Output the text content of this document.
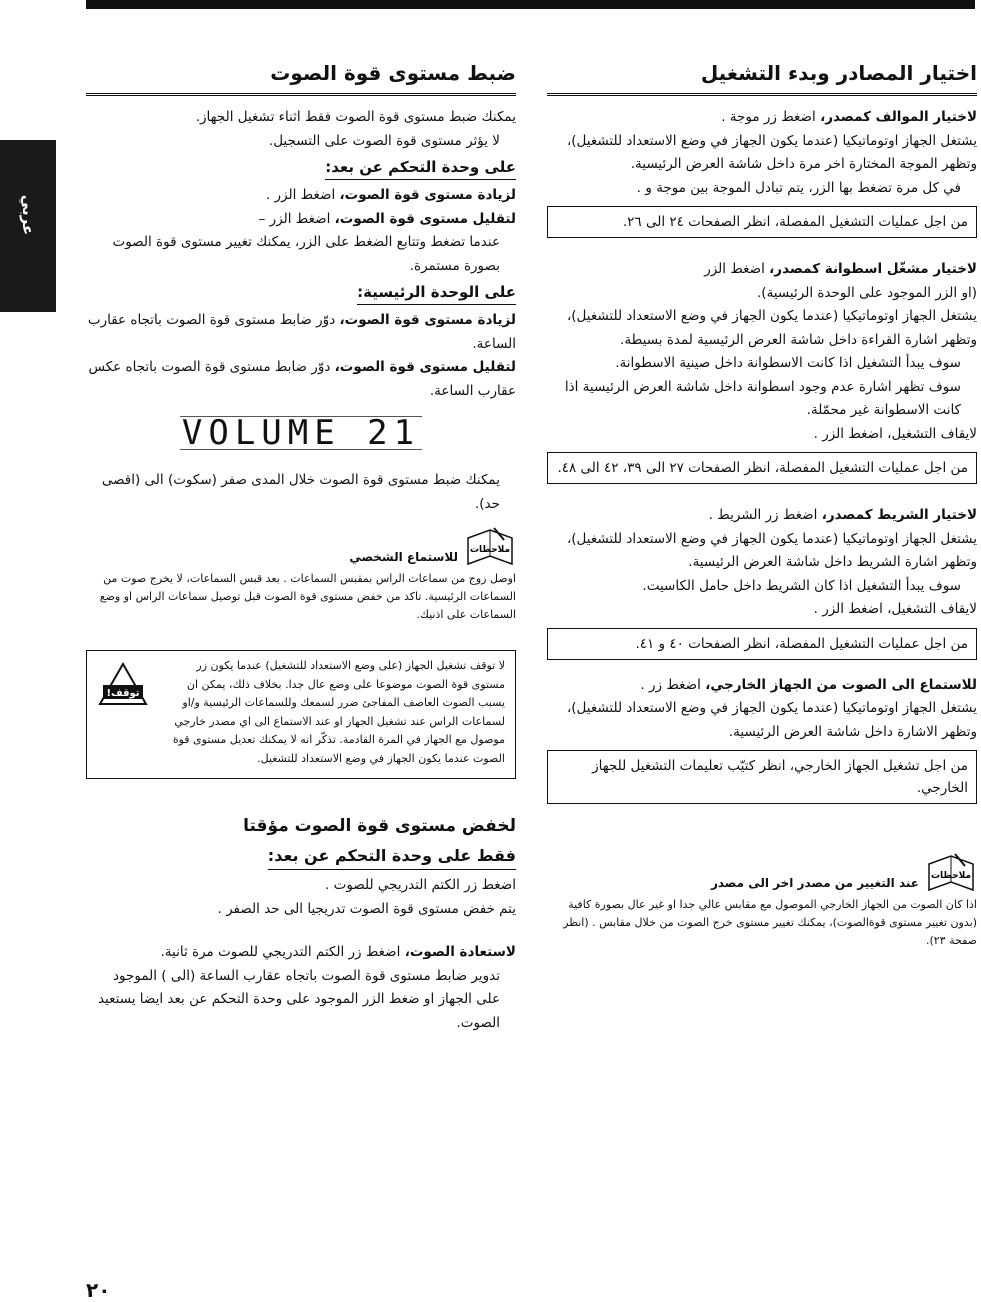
عربي
اختيار المصادر وبدء التشغيل

لاختيار الموالف كمصدر، اضغط زر موجة .

يشتغل الجهاز اوتوماتيكيا (عندما يكون الجهاز في وضع الاستعداد للتشغيل)، وتظهر الموجة المختارة اخر مرة داخل شاشة العرض الرئيسية.

في كل مرة تضغط بها الزر، يتم تبادل الموجة بين موجة و .

من اجل عمليات التشغيل المفصلة، انظر الصفحات ٢٤ الى ٢٦.

لاختيار مشغّل اسطوانة كمصدر، اضغط الزر

(او الزر الموجود على الوحدة الرئيسية).

يشتغل الجهاز اوتوماتيكيا (عندما يكون الجهاز في وضع الاستعداد للتشغيل)، وتظهر اشارة القراءة داخل شاشة العرض الرئيسية لمدة بسيطة.

سوف يبدأ التشغيل اذا كانت الاسطوانة داخل صينية الاسطوانة.

سوف تظهر اشارة عدم وجود اسطوانة داخل شاشة العرض الرئيسية اذا كانت الاسطوانة غير محمّلة.

لايقاف التشغيل، اضغط الزر .

من اجل عمليات التشغيل المفصلة، انظر الصفحات ٢٧ الى ٣٩، ٤٢ الى ٤٨.

لاختيار الشريط كمصدر، اضغط زر الشريط .

يشتغل الجهاز اوتوماتيكيا (عندما يكون الجهاز في وضع الاستعداد للتشغيل)، وتظهر اشارة الشريط داخل شاشة العرض الرئيسية.

سوف يبدأ التشغيل اذا كان الشريط داخل حامل الكاسيت.

لايقاف التشغيل، اضغط الزر .

من اجل عمليات التشغيل المفصلة، انظر الصفحات ٤٠ و ٤١.

للاستماع الى الصوت من الجهاز الخارجي، اضغط زر .

يشتغل الجهاز اوتوماتيكيا (عندما يكون الجهاز في وضع الاستعداد للتشغيل)، وتظهر الاشارة داخل شاشة العرض الرئيسية.

من اجل تشغيل الجهاز الخارجي، انظر كتيّب تعليمات التشغيل للجهاز الخارجي.
ملاحظات
عند التغيير من مصدر اخر الى مصدر

اذا كان الصوت من الجهاز الخارجي الموصول مع مقابس عالي جدا او غير عال بصورة كافية (بدون تغيير مستوى قوةالصوت)، يمكنك تغيير مستوى خرج الصوت من خلال مقابس . (انظر صفحة ٢٣).

ضبط مستوى قوة الصوت

يمكنك ضبط مستوى قوة الصوت فقط اثناء تشغيل الجهاز.

لا يؤثر مستوى قوة الصوت على التسجيل.

على وحدة التحكم عن بعد:

لزيادة مستوى قوة الصوت، اضغط الزر .

لتقليل مستوى قوة الصوت، اضغط الزر –

عندما تضغط وتتابع الضغط على الزر، يمكنك تغيير مستوى قوة الصوت بصورة مستمرة.

على الوحدة الرئيسية:

لزيادة مستوى قوة الصوت، دوّر ضابط مستوى قوة الصوت باتجاه عقارب الساعة.

لتقليل مستوى قوة الصوت، دوّر ضابط مستوى قوة الصوت باتجاه عكس عقارب الساعة.

VOLUME 21

يمكنك ضبط مستوى قوة الصوت خلال المدى صفر (سكوت) الى (اقصى حد).

ملاحظات
للاستماع الشخصي

اوصل زوج من سماعات الراس بمقبس السماعات . بعد قبس السماعات، لا يخرج صوت من السماعات الرئيسية. تاكد من خفض مستوى قوة الصوت قبل توصيل سماعات الراس او وضع السماعات على اذنيك.

توقف!
لا توقف تشغيل الجهاز (على وضع الاستعداد للتشغيل) عندما يكون زر مستوى قوة الصوت موضوعا على وضع عال جدا. بخلاف ذلك، يمكن ان يسبب الصوت العاصف المفاجئ ضرر لسمعك وللسماعات الرئيسية و/او لسماعات الراس عند تشغيل الجهاز او عند الاستماع الى اي مصدر خارجي موصول مع الجهاز في المرة القادمة. تذكّر انه لا يمكنك تعديل مستوى قوة الصوت عندما يكون الجهاز في وضع الاستعداد للتشغيل.
لخفض مستوى قوة الصوت مؤقتا
فقط على وحدة التحكم عن بعد:

اضغط زر الكتم التدريجي للصوت .

يتم خفض مستوى قوة الصوت تدريجيا الى حد الصفر .

لاستعادة الصوت، اضغط زر الكتم التدريجي للصوت مرة ثانية.

تدوير ضابط مستوى قوة الصوت باتجاه عقارب الساعة (الى ) الموجود على الجهاز او ضغط الزر الموجود على وحدة التحكم عن بعد ايضا يستعيد الصوت.

٢٠
